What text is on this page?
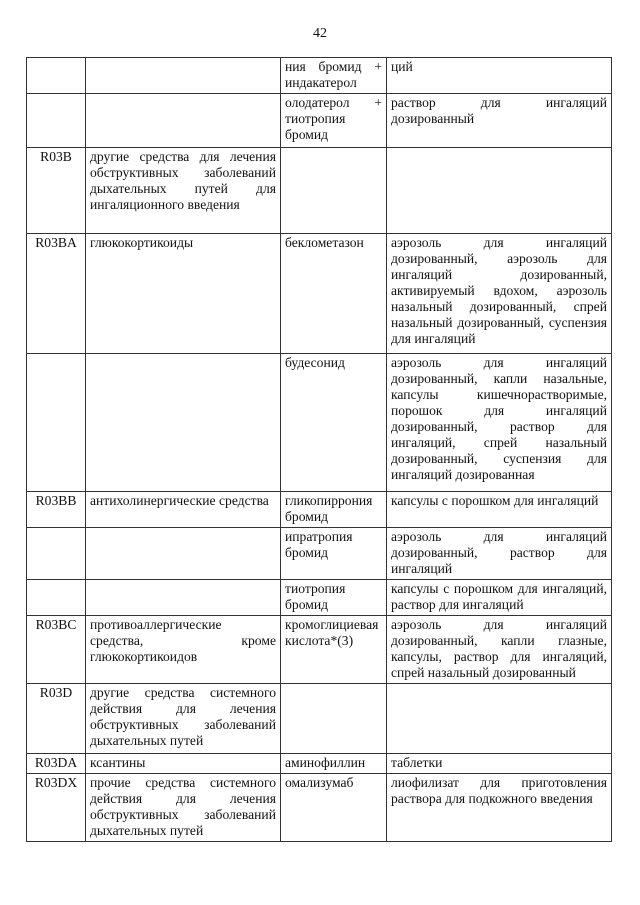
42
		ния бромид + индакатерол	ций
		олодатерол + тиотропия бромид	раствор для ингаляций дозированный
R03B	другие средства для лечения обструктивных заболеваний дыхательных путей для ингаляционного введения		
R03BA	глюкокортикоиды	беклометазон	аэрозоль для ингаляций дозированный, аэрозоль для ингаляций дозированный, активируемый вдохом, аэрозоль назальный дозированный, спрей назальный дозированный, суспензия для ингаляций
		будесонид	аэрозоль для ингаляций дозированный, капли назальные, капсулы кишечнорастворимые, порошок для ингаляций дозированный, раствор для ингаляций, спрей назальный дозированный, суспензия для ингаляций дозированная
R03BB	антихолинергические средства	гликопиррония бромид	капсулы с порошком для ингаляций
		ипратропия бромид	аэрозоль для ингаляций дозированный, раствор для ингаляций
		тиотропия бромид	капсулы с порошком для ингаляций, раствор для ингаляций
R03BC	противоаллергические средства, кроме глюкокортикоидов	кромоглициевая кислота*(3)	аэрозоль для ингаляций дозированный, капли глазные, капсулы, раствор для ингаляций, спрей назальный дозированный
R03D	другие средства системного действия для лечения обструктивных заболеваний дыхательных путей		
R03DA	ксантины	аминофиллин	таблетки
R03DX	прочие средства системного действия для лечения обструктивных заболеваний дыхательных путей	омализумаб	лиофилизат для приготовления раствора для подкожного введения
